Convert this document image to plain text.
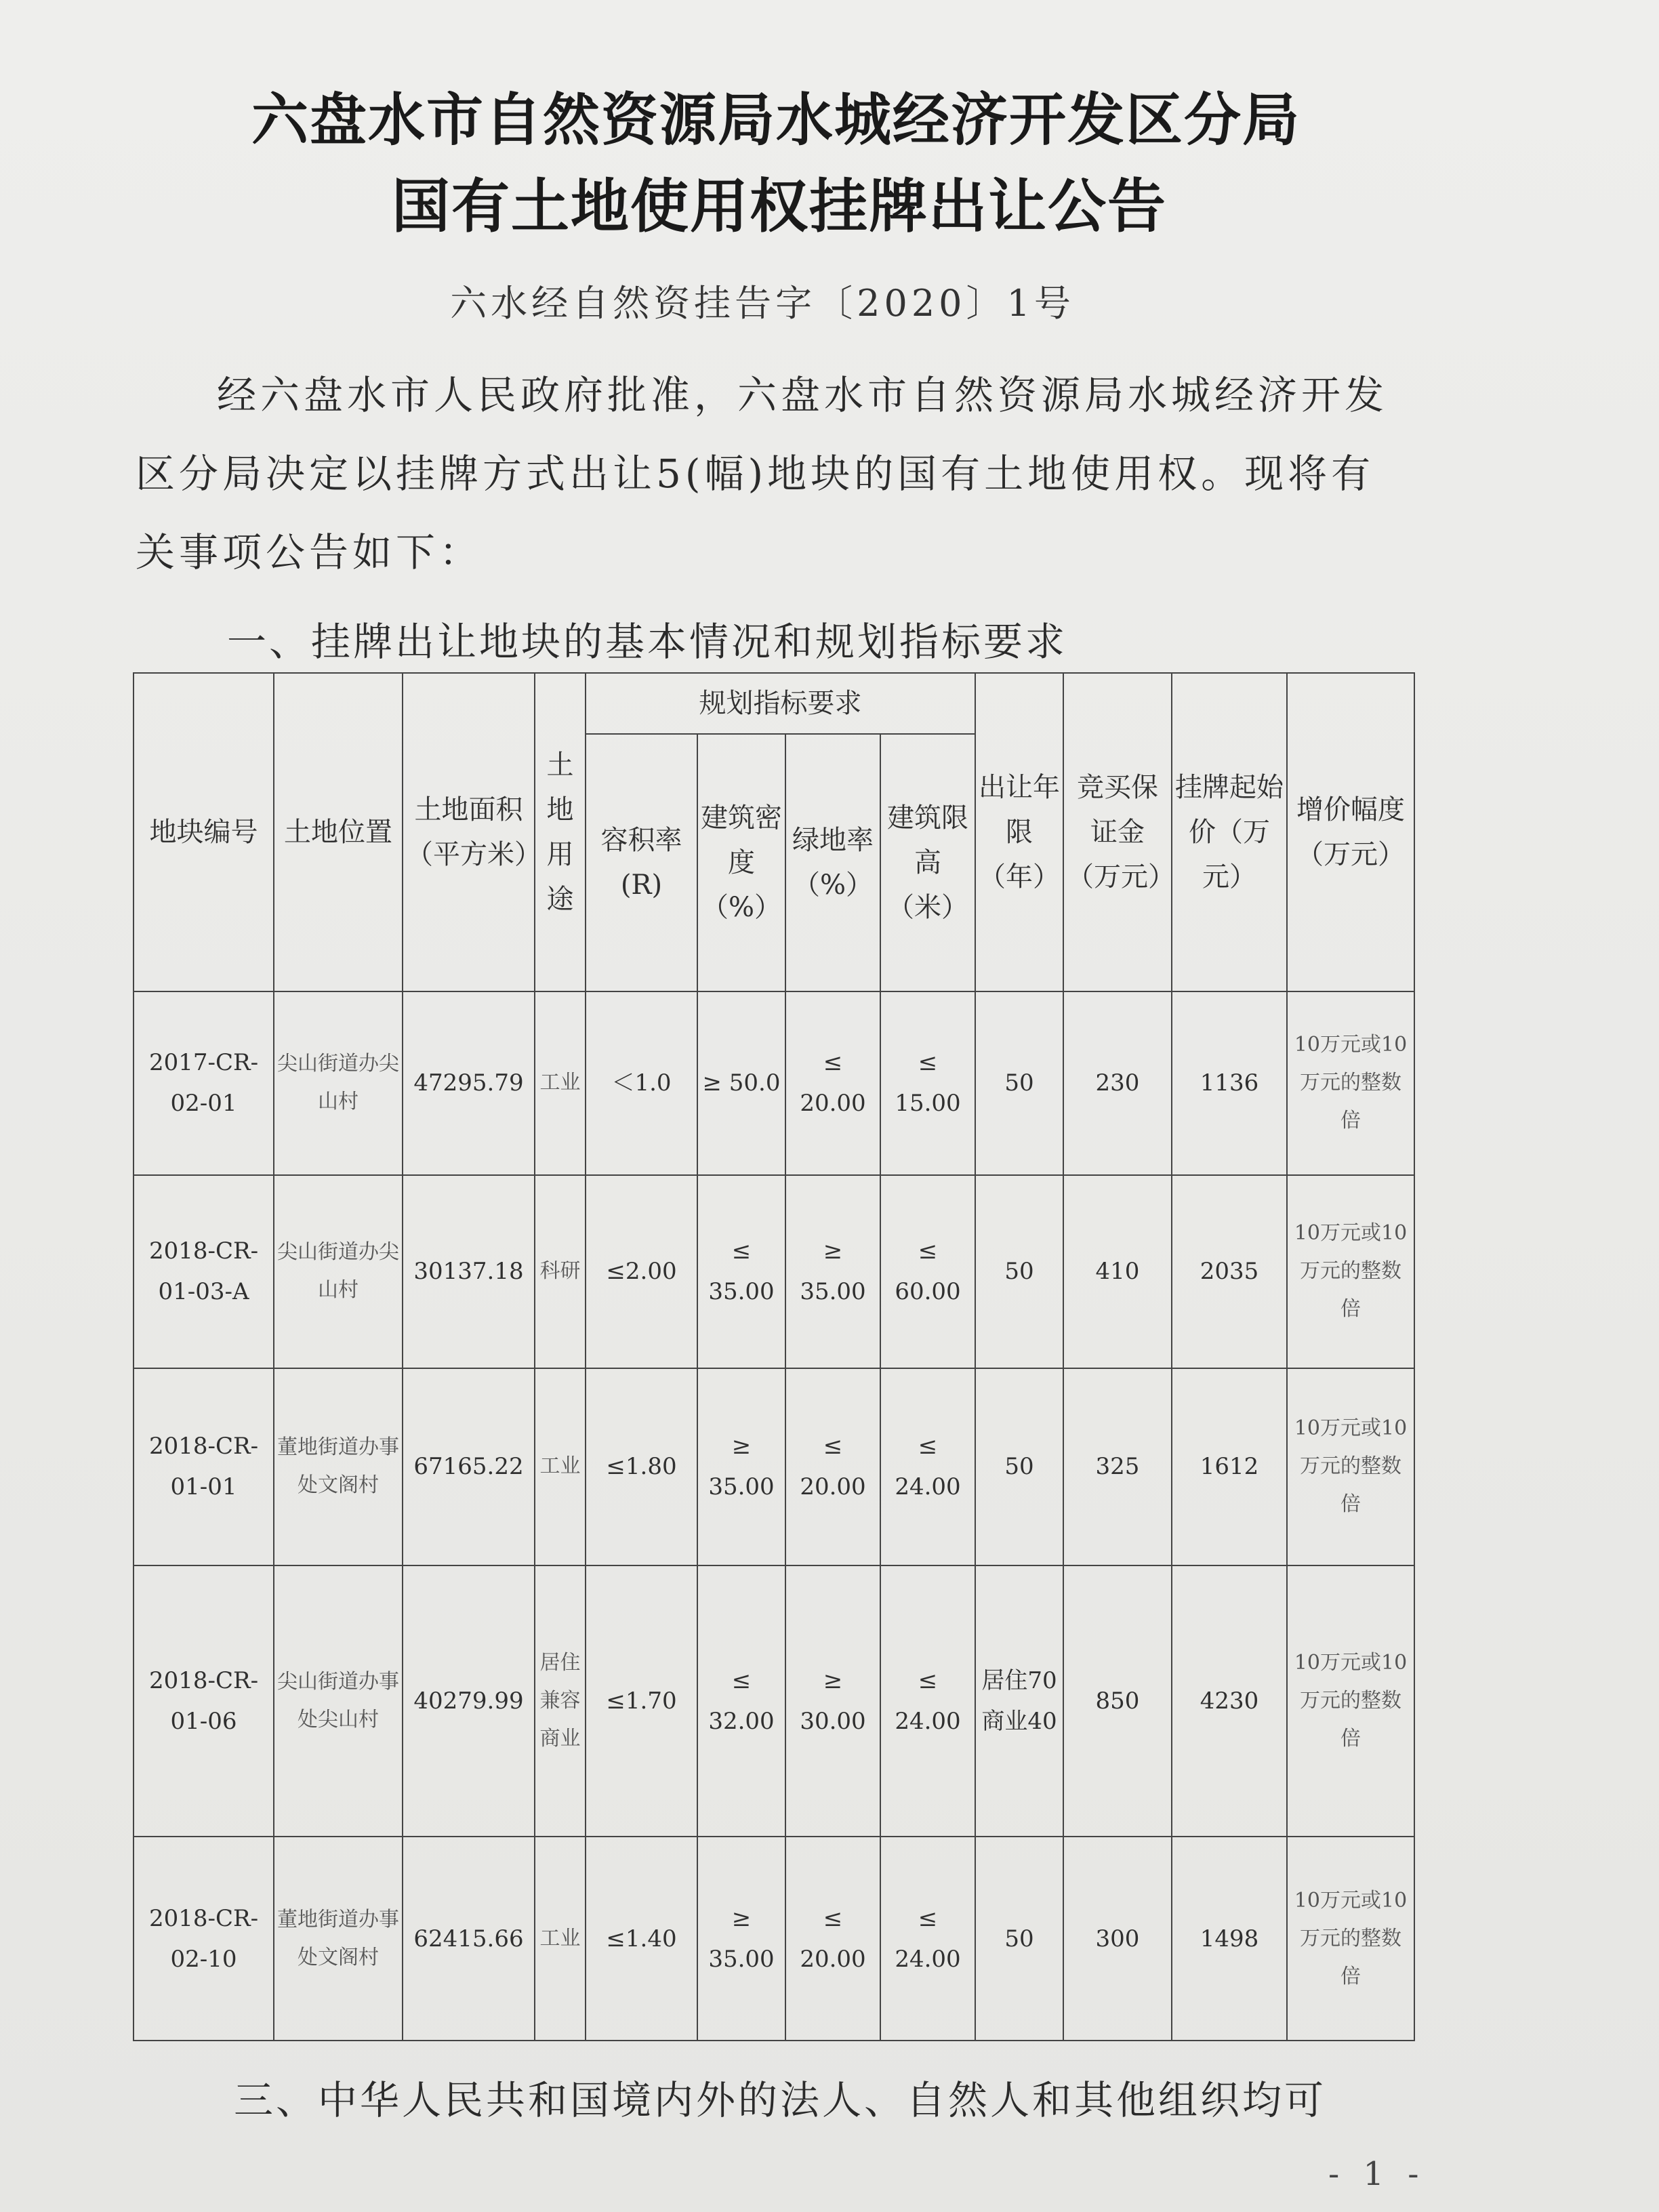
六盘水市自然资源局水城经济开发区分局
国有土地使用权挂牌出让公告
六水经自然资挂告字〔2020〕1号
经六盘水市人民政府批准，六盘水市自然资源局水城经济开发区分局决定以挂牌方式出让5(幅)地块的国有土地使用权。现将有关事项公告如下：
一、挂牌出让地块的基本情况和规划指标要求
地块编号	土地位置	土地面积（平方米）	土地用途	规划指标要求				出让年限（年）	竞买保证金（万元）	挂牌起始价（万元）	增价幅度（万元）
				容积率(R)	建筑密度（%）	绿地率（%）	建筑限高（米）				
2017-CR-02-01	尖山街道办尖山村	47295.79	工业	＜1.0	≥ 50.0	≤ 20.00	≤ 15.00	50	230	1136	10万元或10万元的整数倍
2018-CR-01-03-A	尖山街道办尖山村	30137.18	科研	≤2.00	≤ 35.00	≥ 35.00	≤ 60.00	50	410	2035	10万元或10万元的整数倍
2018-CR-01-01	董地街道办事处文阁村	67165.22	工业	≤1.80	≥ 35.00	≤ 20.00	≤ 24.00	50	325	1612	10万元或10万元的整数倍
2018-CR-01-06	尖山街道办事处尖山村	40279.99	居住兼容商业	≤1.70	≤ 32.00	≥ 30.00	≤ 24.00	居住70商业40	850	4230	10万元或10万元的整数倍
2018-CR-02-10	董地街道办事处文阁村	62415.66	工业	≤1.40	≥ 35.00	≤ 20.00	≤ 24.00	50	300	1498	10万元或10万元的整数倍
三、中华人民共和国境内外的法人、自然人和其他组织均可
- 1 -
